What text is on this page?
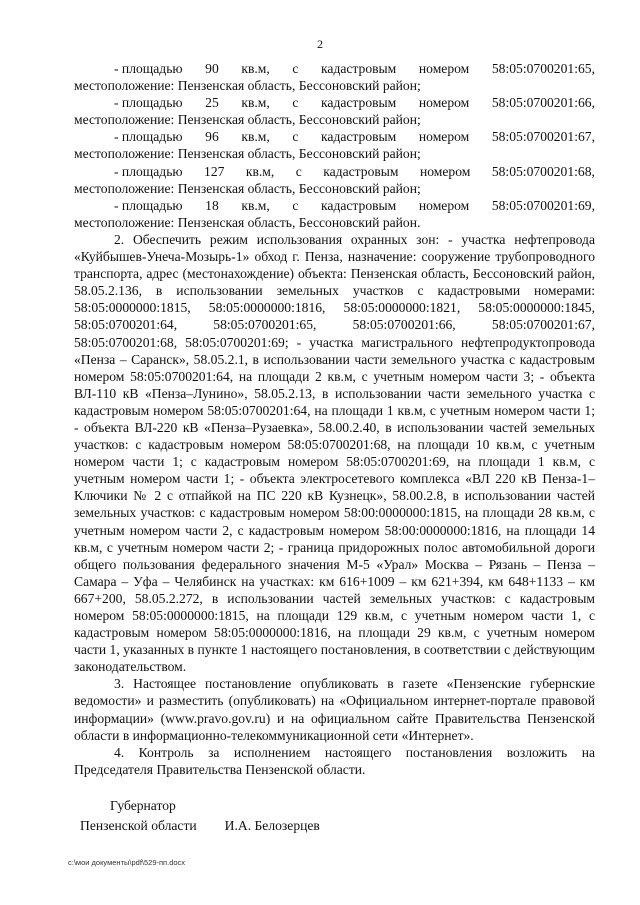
2
- площадью 90 кв.м, с кадастровым номером 58:05:0700201:65,
местоположение: Пензенская область, Бессоновский район;
- площадью 25 кв.м, с кадастровым номером 58:05:0700201:66,
местоположение: Пензенская область, Бессоновский район;
- площадью 96 кв.м, с кадастровым номером 58:05:0700201:67,
местоположение: Пензенская область, Бессоновский район;
- площадью 127 кв.м, с кадастровым номером 58:05:0700201:68,
местоположение: Пензенская область, Бессоновский район;
- площадью 18 кв.м, с кадастровым номером 58:05:0700201:69,
местоположение: Пензенская область, Бессоновский район.

2. Обеспечить режим использования охранных зон: - участка нефтепровода «Куйбышев-Унеча-Мозырь-1» обход г. Пенза, назначение: сооружение трубопроводного транспорта, адрес (местонахождение) объекта: Пензенская область, Бессоновский район, 58.05.2.136, в использовании земельных участков с кадастровыми номерами: 58:05:0000000:1815, 58:05:0000000:1816, 58:05:0000000:1821, 58:05:0000000:1845, 58:05:0700201:64, 58:05:0700201:65, 58:05:0700201:66, 58:05:0700201:67, 58:05:0700201:68, 58:05:0700201:69; - участка магистрального нефтепродуктопровода «Пенза – Саранск», 58.05.2.1, в использовании части земельного участка с кадастровым номером 58:05:0700201:64, на площади 2 кв.м, с учетным номером части 3; - объекта ВЛ-110 кВ «Пенза–Лунино», 58.05.2.13, в использовании части земельного участка с кадастровым номером 58:05:0700201:64, на площади 1 кв.м, с учетным номером части 1; - объекта ВЛ-220 кВ «Пенза–Рузаевка», 58.00.2.40, в использовании частей земельных участков: с кадастровым номером 58:05:0700201:68, на площади 10 кв.м, с учетным номером части 1; с кадастровым номером 58:05:0700201:69, на площади 1 кв.м, с учетным номером части 1; - объекта электросетевого комплекса «ВЛ 220 кВ Пенза-1–Ключики № 2 с отпайкой на ПС 220 кВ Кузнецк», 58.00.2.8, в использовании частей земельных участков: с кадастровым номером 58:00:0000000:1815, на площади 28 кв.м, с учетным номером части 2, с кадастровым номером 58:00:0000000:1816, на площади 14 кв.м, с учетным номером части 2; - граница придорожных полос автомобильной дороги общего пользования федерального значения М-5 «Урал» Москва – Рязань – Пенза – Самара – Уфа – Челябинск на участках: км 616+1009 – км 621+394, км 648+1133 – км 667+200, 58.05.2.272, в использовании частей земельных участков: с кадастровым номером 58:05:0000000:1815, на площади 129 кв.м, с учетным номером части 1, с кадастровым номером 58:05:0000000:1816, на площади 29 кв.м, с учетным номером части 1, указанных в пункте 1 настоящего постановления, в соответствии с действующим законодательством.

3. Настоящее постановление опубликовать в газете «Пензенские губернские ведомости» и разместить (опубликовать) на «Официальном интернет-портале правовой информации» (www.pravo.gov.ru) и на официальном сайте Правительства Пензенской области в информационно-телекоммуникационной сети «Интернет».

4. Контроль за исполнением настоящего постановления возложить на Председателя Правительства Пензенской области.

Губернатор
Пензенской области И.А. Белозерцев
c:\мои документы\pdf\529-пп.docx
